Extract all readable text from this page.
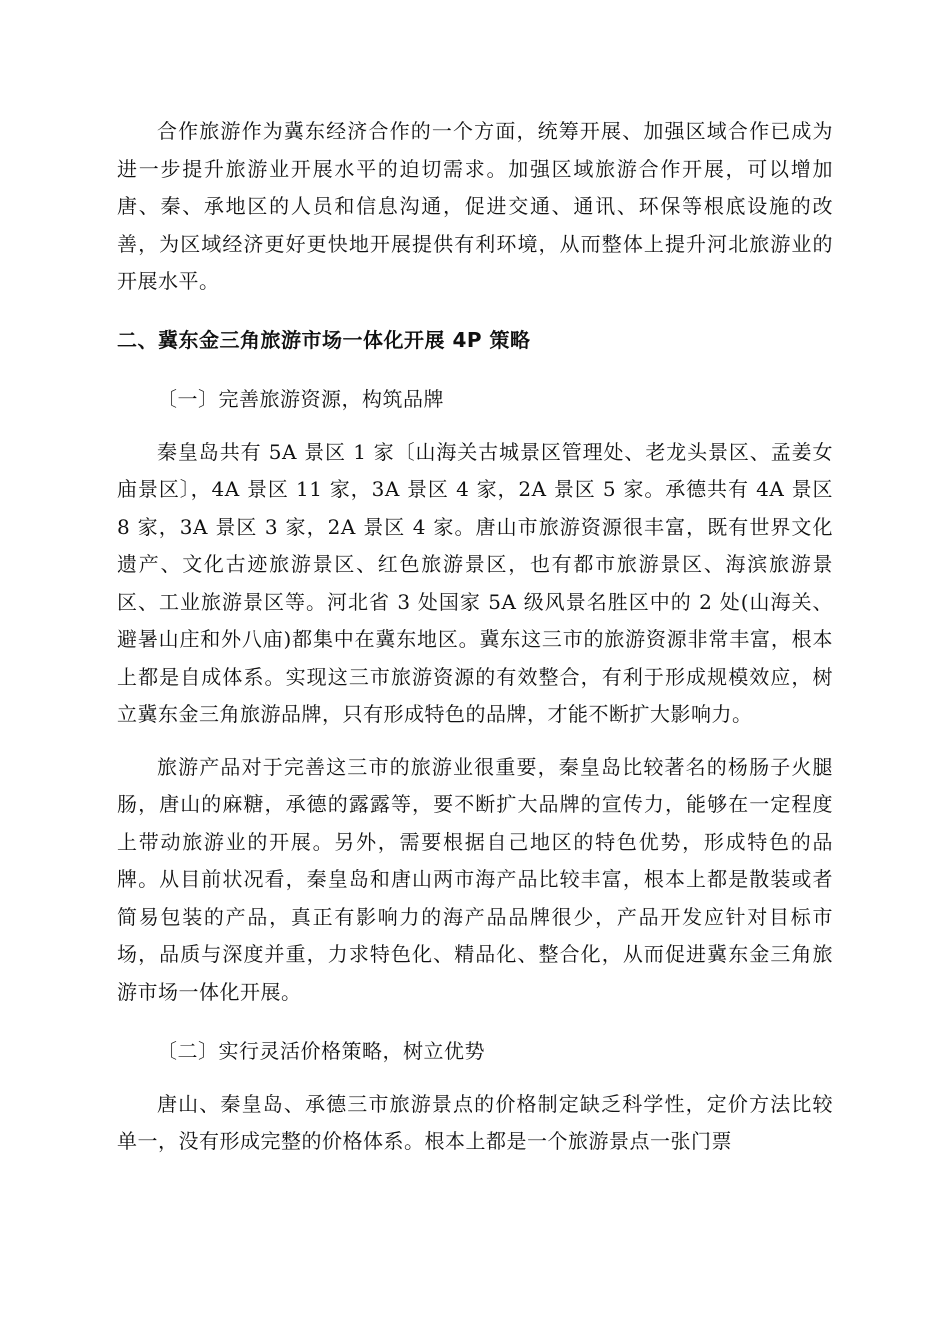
合作旅游作为冀东经济合作的一个方面，统筹开展、加强区域合作已成为进一步提升旅游业开展水平的迫切需求。加强区域旅游合作开展，可以增加唐、秦、承地区的人员和信息沟通，促进交通、通讯、环保等根底设施的改善，为区域经济更好更快地开展提供有利环境，从而整体上提升河北旅游业的开展水平。

二、冀东金三角旅游市场一体化开展 4P 策略

〔一〕完善旅游资源，构筑品牌

秦皇岛共有 5A 景区 1 家〔山海关古城景区管理处、老龙头景区、孟姜女庙景区〕，4A 景区 11 家，3A 景区 4 家，2A 景区 5 家。承德共有 4A 景区 8 家，3A 景区 3 家，2A 景区 4 家。唐山市旅游资源很丰富，既有世界文化遗产、文化古迹旅游景区、红色旅游景区，也有都市旅游景区、海滨旅游景区、工业旅游景区等。河北省 3 处国家 5A 级风景名胜区中的 2 处(山海关、避暑山庄和外八庙)都集中在冀东地区。冀东这三市的旅游资源非常丰富，根本上都是自成体系。实现这三市旅游资源的有效整合，有利于形成规模效应，树立冀东金三角旅游品牌，只有形成特色的品牌，才能不断扩大影响力。

旅游产品对于完善这三市的旅游业很重要，秦皇岛比较著名的杨肠子火腿肠，唐山的麻糖，承德的露露等，要不断扩大品牌的宣传力，能够在一定程度上带动旅游业的开展。另外，需要根据自己地区的特色优势，形成特色的品牌。从目前状况看，秦皇岛和唐山两市海产品比较丰富，根本上都是散装或者简易包装的产品，真正有影响力的海产品品牌很少，产品开发应针对目标市场，品质与深度并重，力求特色化、精品化、整合化，从而促进冀东金三角旅游市场一体化开展。

〔二〕实行灵活价格策略，树立优势

唐山、秦皇岛、承德三市旅游景点的价格制定缺乏科学性，定价方法比较单一，没有形成完整的价格体系。根本上都是一个旅游景点一张门票
